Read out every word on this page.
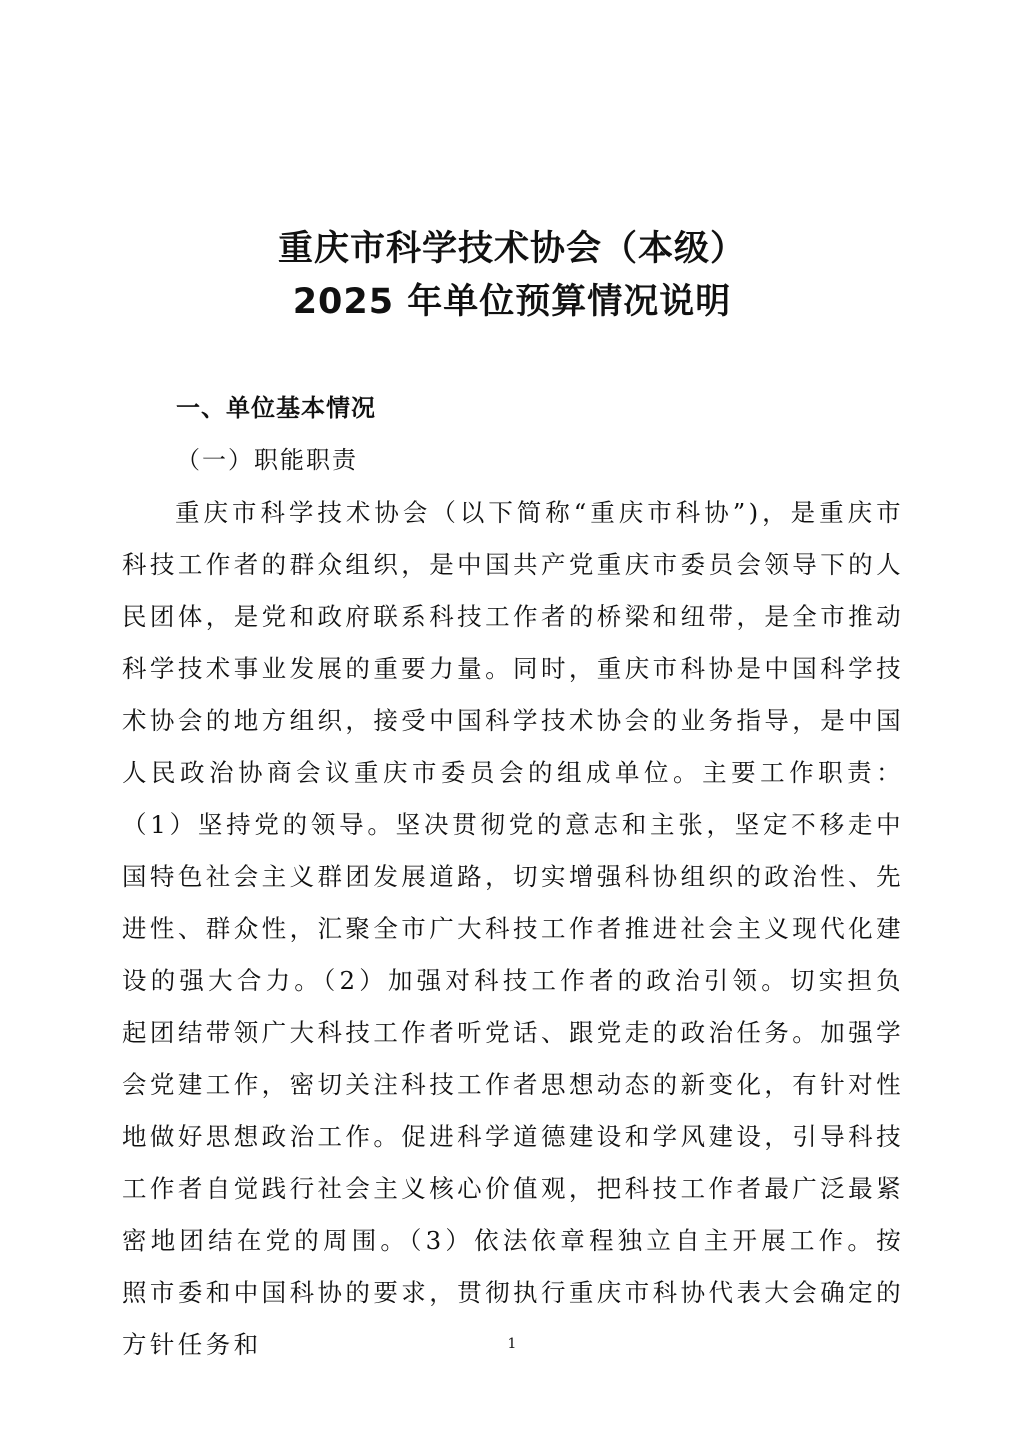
重庆市科学技术协会（本级）
2025 年单位预算情况说明
一、单位基本情况
（一）职能职责

重庆市科学技术协会（以下简称“重庆市科协”)，是重庆市科技工作者的群众组织，是中国共产党重庆市委员会领导下的人民团体，是党和政府联系科技工作者的桥梁和纽带，是全市推动科学技术事业发展的重要力量。同时，重庆市科协是中国科学技术协会的地方组织，接受中国科学技术协会的业务指导，是中国人民政治协商会议重庆市委员会的组成单位。主要工作职责：（1）坚持党的领导。坚决贯彻党的意志和主张，坚定不移走中国特色社会主义群团发展道路，切实增强科协组织的政治性、先进性、群众性，汇聚全市广大科技工作者推进社会主义现代化建设的强大合力。（2）加强对科技工作者的政治引领。切实担负起团结带领广大科技工作者听党话、跟党走的政治任务。加强学会党建工作，密切关注科技工作者思想动态的新变化，有针对性地做好思想政治工作。促进科学道德建设和学风建设，引导科技工作者自觉践行社会主义核心价值观，把科技工作者最广泛最紧密地团结在党的周围。（3）依法依章程独立自主开展工作。按照市委和中国科协的要求，贯彻执行重庆市科协代表大会确定的方针任务和	1
